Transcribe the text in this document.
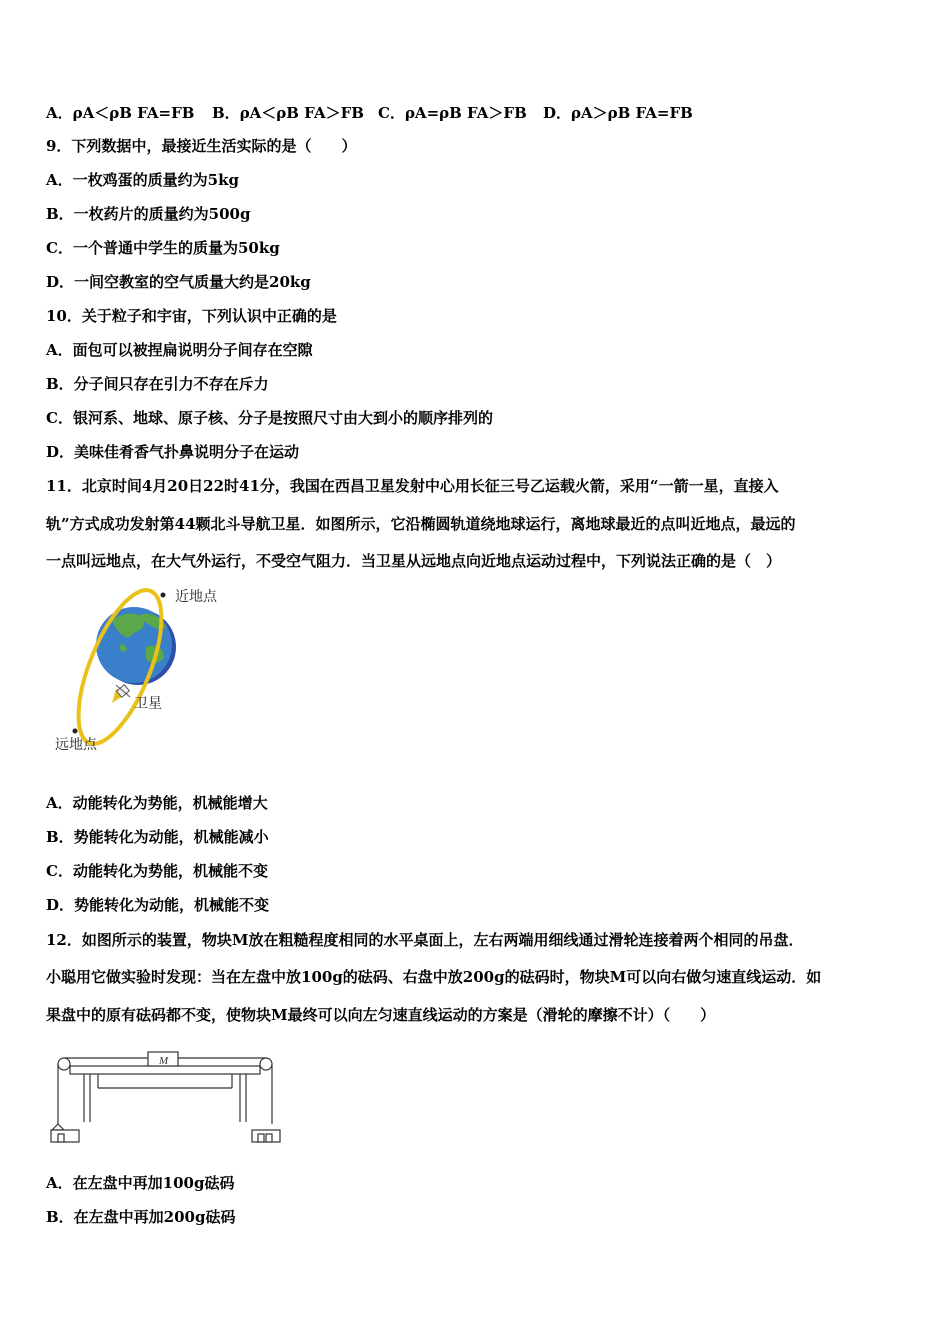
A．ρA＜ρB FA=FB B．ρA＜ρB FA＞FB C．ρA=ρB FA＞FB D．ρA＞ρB FA=FB
9．下列数据中，最接近生活实际的是（　　）
A．一枚鸡蛋的质量约为5kg
B．一枚药片的质量约为500g
C．一个普通中学生的质量为50kg
D．一间空教室的空气质量大约是20kg
10．关于粒子和宇宙，下列认识中正确的是
A．面包可以被捏扁说明分子间存在空隙
B．分子间只存在引力不存在斥力
C．银河系、地球、原子核、分子是按照尺寸由大到小的顺序排列的
D．美味佳肴香气扑鼻说明分子在运动
11．北京时间4月20日22时41分，我国在西昌卫星发射中心用长征三号乙运载火箭，采用“一箭一星，直接入
轨”方式成功发射第44颗北斗导航卫星．如图所示，它沿椭圆轨道绕地球运行，离地球最近的点叫近地点，最远的
一点叫远地点，在大气外运行，不受空气阻力．当卫星从远地点向近地点运动过程中，下列说法正确的是（　）
近地点
卫星
远地点
A．动能转化为势能，机械能增大
B．势能转化为动能，机械能减小
C．动能转化为势能，机械能不变
D．势能转化为动能，机械能不变
12．如图所示的装置，物块M放在粗糙程度相同的水平桌面上，左右两端用细线通过滑轮连接着两个相同的吊盘．
小聪用它做实验时发现：当在左盘中放100g的砝码、右盘中放200g的砝码时，物块M可以向右做匀速直线运动．如
果盘中的原有砝码都不变，使物块M最终可以向左匀速直线运动的方案是（滑轮的摩擦不计）（　　）
M
A．在左盘中再加100g砝码
B．在左盘中再加200g砝码
